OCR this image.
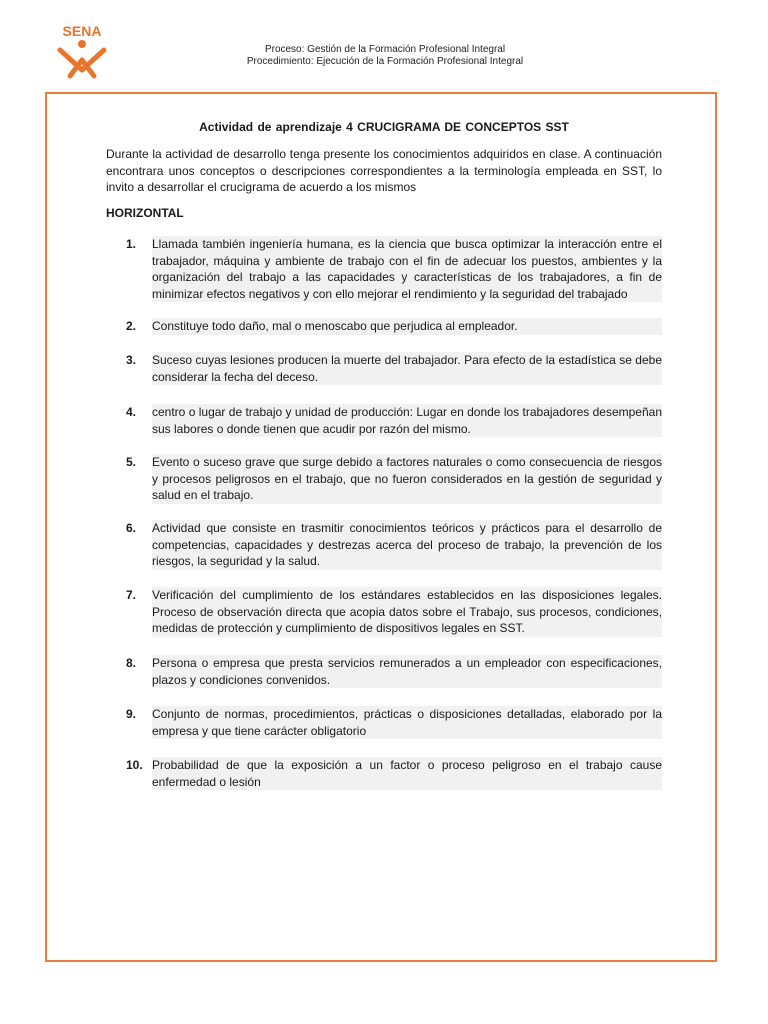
SENA
Proceso: Gestión de la Formación Profesional Integral
Procedimiento: Ejecución de la Formación Profesional Integral
Actividad de aprendizaje 4 CRUCIGRAMA DE CONCEPTOS SST

Durante la actividad de desarrollo tenga presente los conocimientos adquiridos en clase. A continuación encontrara unos conceptos o descripciones correspondientes a la terminología empleada en SST, lo invito a desarrollar el crucigrama de acuerdo a los mismos

HORIZONTAL
1.	Llamada también ingeniería humana, es la ciencia que busca optimizar la interacción entre el trabajador, máquina y ambiente de trabajo con el fin de adecuar los puestos, ambientes y la organización del trabajo a las capacidades y características de los trabajadores, a fin de minimizar efectos negativos y con ello mejorar el rendimiento y la seguridad del trabajado
2.	Constituye todo daño, mal o menoscabo que perjudica al empleador.
3.	Suceso cuyas lesiones producen la muerte del trabajador. Para efecto de la estadística se debe considerar la fecha del deceso.
4.	centro o lugar de trabajo y unidad de producción: Lugar en donde los trabajadores desempeñan sus labores o donde tienen que acudir por razón del mismo.
5.	Evento o suceso grave que surge debido a factores naturales o como consecuencia de riesgos y procesos peligrosos en el trabajo, que no fueron considerados en la gestión de seguridad y salud en el trabajo.
6.	Actividad que consiste en trasmitir conocimientos teóricos y prácticos para el desarrollo de competencias, capacidades y destrezas acerca del proceso de trabajo, la prevención de los riesgos, la seguridad y la salud.
7.	Verificación del cumplimiento de los estándares establecidos en las disposiciones legales. Proceso de observación directa que acopia datos sobre el Trabajo, sus procesos, condiciones, medidas de protección y cumplimiento de dispositivos legales en SST.
8.	Persona o empresa que presta servicios remunerados a un empleador con especificaciones, plazos y condiciones convenidos.
9.	Conjunto de normas, procedimientos, prácticas o disposiciones detalladas, elaborado por la empresa y que tiene carácter obligatorio
10. Probabilidad de que la exposición a un factor o proceso peligroso en el trabajo cause enfermedad o lesión
